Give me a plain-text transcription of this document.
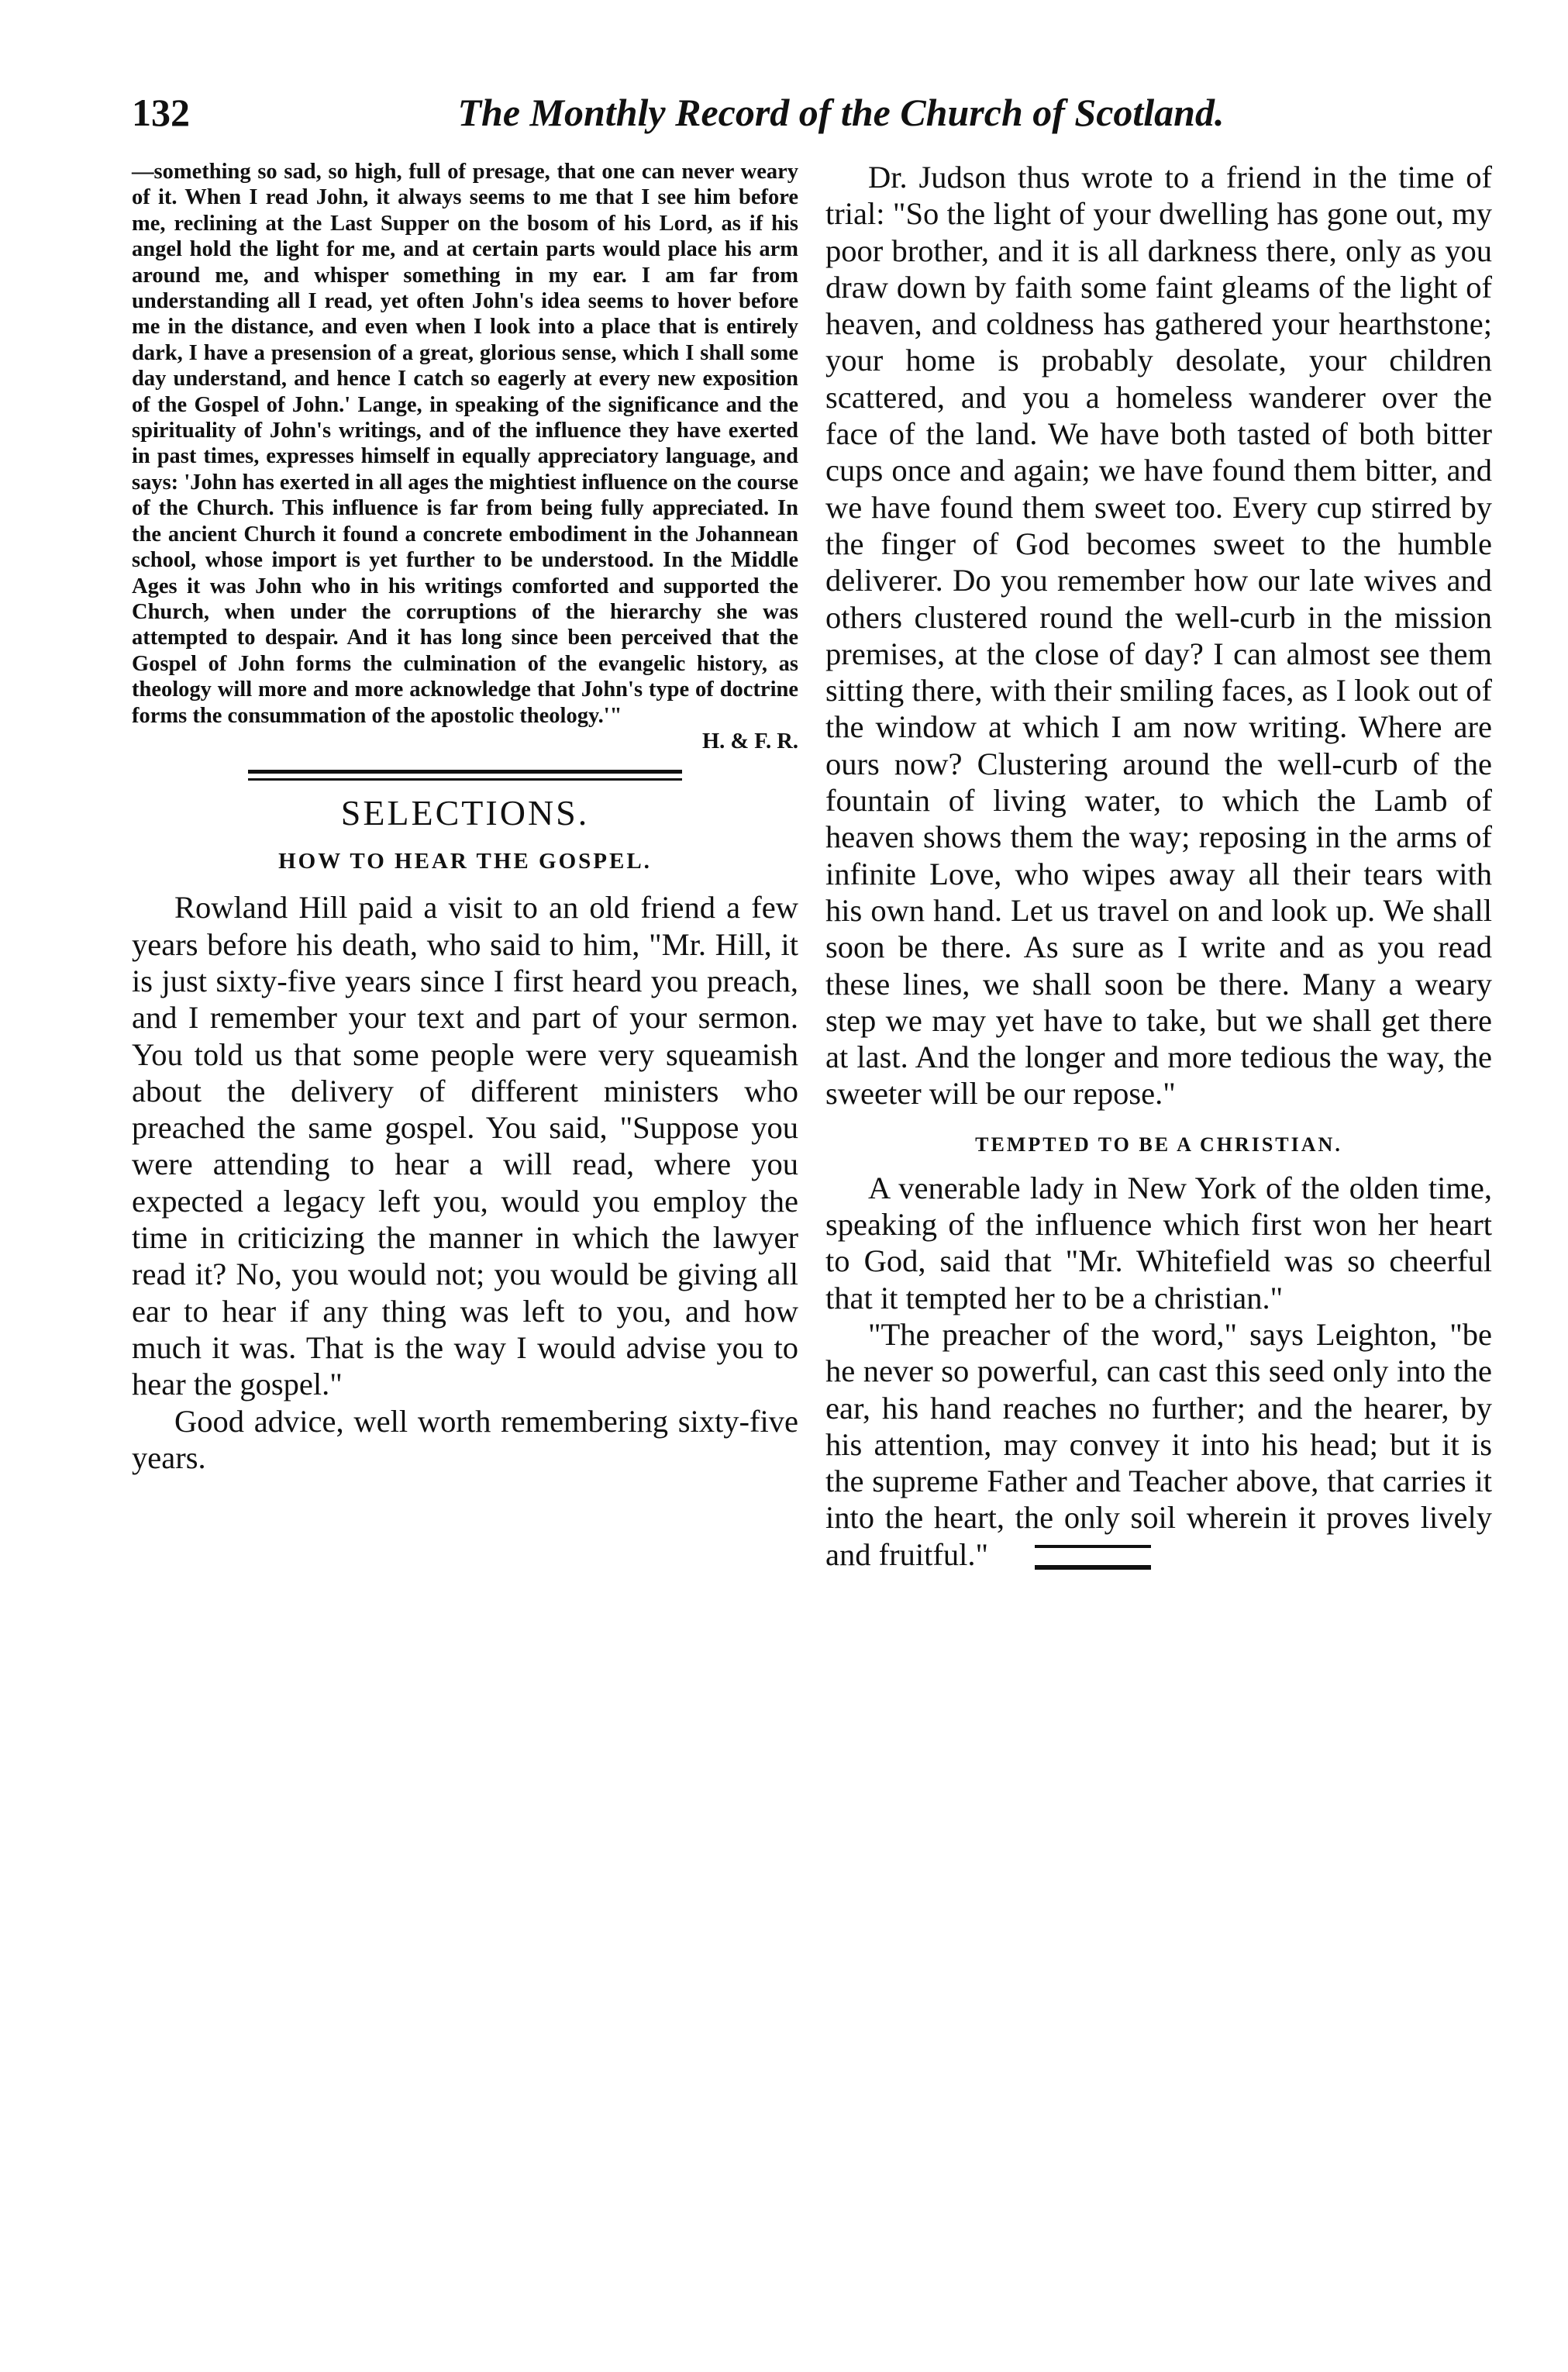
132	The Monthly Record of the Church of Scotland.

—something so sad, so high, full of presage, that one can never weary of it. When I read John, it always seems to me that I see him before me, reclining at the Last Supper on the bosom of his Lord, as if his angel hold the light for me, and at certain parts would place his arm around me, and whisper something in my ear. I am far from understanding all I read, yet often John's idea seems to hover before me in the distance, and even when I look into a place that is entirely dark, I have a presension of a great, glorious sense, which I shall some day understand, and hence I catch so eagerly at every new exposition of the Gospel of John.' Lange, in speaking of the significance and the spirituality of John's writings, and of the influence they have exerted in past times, expresses himself in equally appreciatory language, and says: 'John has exerted in all ages the mightiest influence on the course of the Church. This influence is far from being fully appreciated. In the ancient Church it found a concrete embodiment in the Johannean school, whose import is yet further to be understood. In the Middle Ages it was John who in his writings comforted and supported the Church, when under the corruptions of the hierarchy she was attempted to despair. And it has long since been perceived that the Gospel of John forms the culmination of the evangelic history, as theology will more and more acknowledge that John's type of doctrine forms the consummation of the apostolic theology.'"

H. & F. R.

SELECTIONS.
HOW TO HEAR THE GOSPEL.

Rowland Hill paid a visit to an old friend a few years before his death, who said to him, "Mr. Hill, it is just sixty-five years since I first heard you preach, and I remember your text and part of your sermon. You told us that some people were very squeamish about the delivery of different ministers who preached the same gospel. You said, "Suppose you were attending to hear a will read, where you expected a legacy left you, would you employ the time in criticizing the manner in which the lawyer read it? No, you would not; you would be giving all ear to hear if any thing was left to you, and how much it was. That is the way I would advise you to hear the gospel."

Good advice, well worth remembering sixty-five years.

Dr. Judson thus wrote to a friend in the time of trial: "So the light of your dwelling has gone out, my poor brother, and it is all darkness there, only as you draw down by faith some faint gleams of the light of heaven, and coldness has gathered your hearthstone; your home is probably desolate, your children scattered, and you a homeless wanderer over the face of the land. We have both tasted of both bitter cups once and again; we have found them bitter, and we have found them sweet too. Every cup stirred by the finger of God becomes sweet to the humble deliverer. Do you remember how our late wives and others clustered round the well-curb in the mission premises, at the close of day? I can almost see them sitting there, with their smiling faces, as I look out of the window at which I am now writing. Where are ours now? Clustering around the well-curb of the fountain of living water, to which the Lamb of heaven shows them the way; reposing in the arms of infinite Love, who wipes away all their tears with his own hand. Let us travel on and look up. We shall soon be there. As sure as I write and as you read these lines, we shall soon be there. Many a weary step we may yet have to take, but we shall get there at last. And the longer and more tedious the way, the sweeter will be our repose."

TEMPTED TO BE A CHRISTIAN.

A venerable lady in New York of the olden time, speaking of the influence which first won her heart to God, said that "Mr. Whitefield was so cheerful that it tempted her to be a christian."

"The preacher of the word," says Leighton, "be he never so powerful, can cast this seed only into the ear, his hand reaches no further; and the hearer, by his attention, may convey it into his head; but it is the supreme Father and Teacher above, that carries it into the heart, the only soil wherein it proves lively and fruitful."
